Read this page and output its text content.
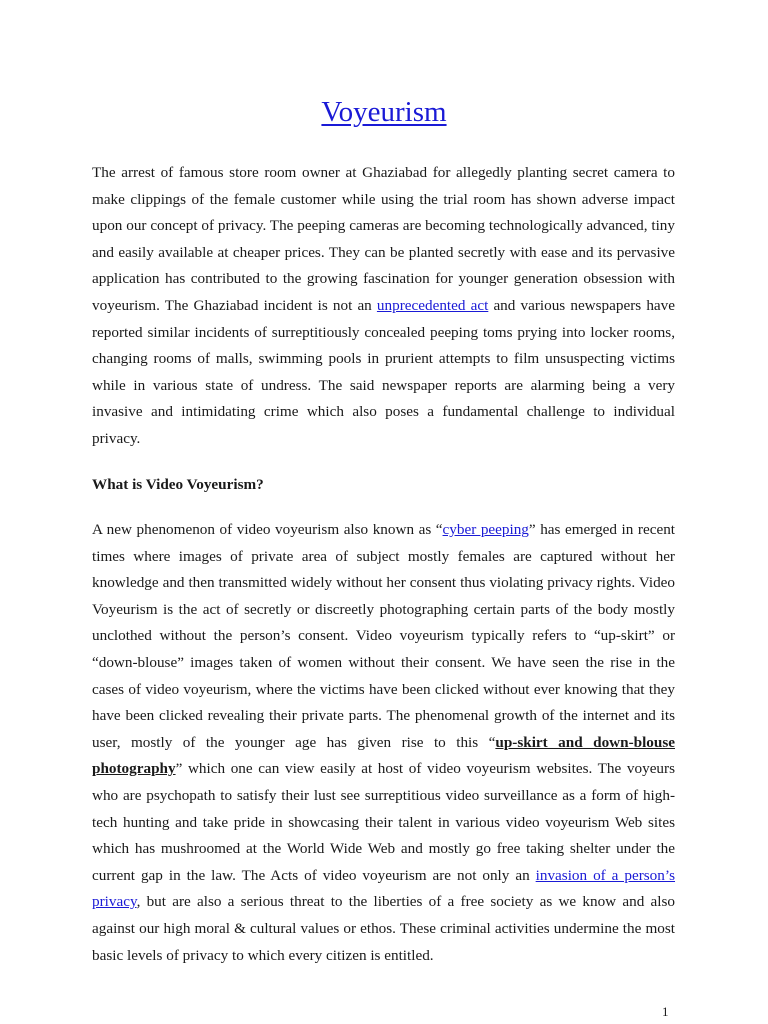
Voyeurism

The arrest of famous store room owner at Ghaziabad for allegedly planting secret camera to make clippings of the female customer while using the trial room has shown adverse impact upon our concept of privacy. The peeping cameras are becoming technologically advanced, tiny and easily available at cheaper prices. They can be planted secretly with ease and its pervasive application has contributed to the growing fascination for younger generation obsession with voyeurism. The Ghaziabad incident is not an unprecedented act and various newspapers have reported similar incidents of surreptitiously concealed peeping toms prying into locker rooms, changing rooms of malls, swimming pools in prurient attempts to film unsuspecting victims while in various state of undress. The said newspaper reports are alarming being a very invasive and intimidating crime which also poses a fundamental challenge to individual privacy.

What is Video Voyeurism?

A new phenomenon of video voyeurism also known as “cyber peeping” has emerged in recent times where images of private area of subject mostly females are captured without her knowledge and then transmitted widely without her consent thus violating privacy rights. Video Voyeurism is the act of secretly or discreetly photographing certain parts of the body mostly unclothed without the person’s consent. Video voyeurism typically refers to “up-skirt” or “down-blouse” images taken of women without their consent. We have seen the rise in the cases of video voyeurism, where the victims have been clicked without ever knowing that they have been clicked revealing their private parts. The phenomenal growth of the internet and its user, mostly of the younger age has given rise to this “up-skirt and down-blouse photography” which one can view easily at host of video voyeurism websites. The voyeurs who are psychopath to satisfy their lust see surreptitious video surveillance as a form of high-tech hunting and take pride in showcasing their talent in various video voyeurism Web sites which has mushroomed at the World Wide Web and mostly go free taking shelter under the current gap in the law. The Acts of video voyeurism are not only an invasion of a person’s privacy, but are also a serious threat to the liberties of a free society as we know and also against our high moral & cultural values or ethos. These criminal activities undermine the most basic levels of privacy to which every citizen is entitled.

1
